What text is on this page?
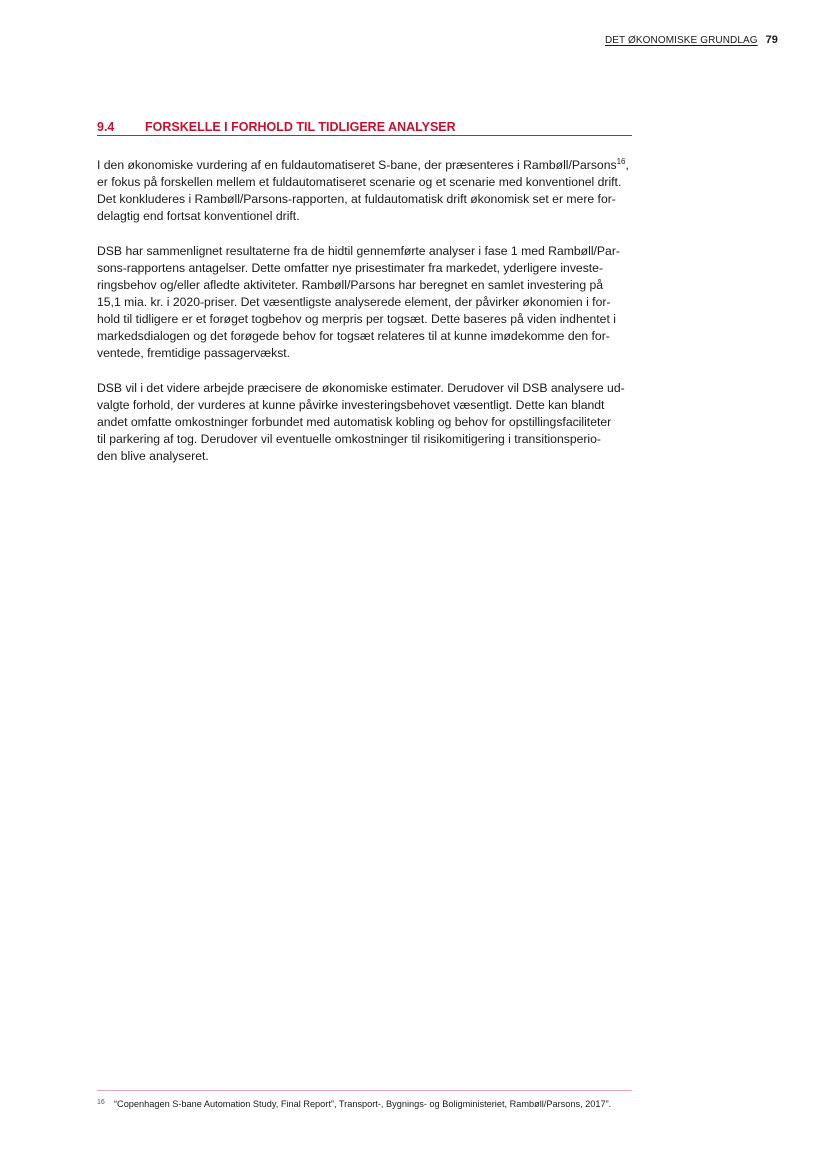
DET ØKONOMISKE GRUNDLAG 79
9.4 FORSKELLE I FORHOLD TIL TIDLIGERE ANALYSER

I den økonomiske vurdering af en fuldautomatiseret S-bane, der præsenteres i Rambøll/Parsons$^{16}$,
er fokus på forskellen mellem et fuldautomatiseret scenarie og et scenarie med konventionel drift.
Det konkluderes i Rambøll/Parsons-rapporten, at fuldautomatisk drift økonomisk set er mere for-
delagtig end fortsat konventionel drift.

DSB har sammenlignet resultaterne fra de hidtil gennemførte analyser i fase 1 med Rambøll/Par-
sons-rapportens antagelser. Dette omfatter nye prisestimater fra markedet, yderligere investe-
ringsbehov og/eller afledte aktiviteter. Rambøll/Parsons har beregnet en samlet investering på
15,1 mia. kr. i 2020-priser. Det væsentligste analyserede element, der påvirker økonomien i for-
hold til tidligere er et forøget togbehov og merpris per togsæt. Dette baseres på viden indhentet i
markedsdialogen og det forøgede behov for togsæt relateres til at kunne imødekomme den for-
ventede, fremtidige passagervækst.

DSB vil i det videre arbejde præcisere de økonomiske estimater. Derudover vil DSB analysere ud-
valgte forhold, der vurderes at kunne påvirke investeringsbehovet væsentligt. Dette kan blandt
andet omfatte omkostninger forbundet med automatisk kobling og behov for opstillingsfaciliteter
til parkering af tog. Derudover vil eventuelle omkostninger til risikomitigering i transitionsperio-
den blive analyseret.

16 “Copenhagen S-bane Automation Study, Final Report”, Transport-, Bygnings- og Boligministeriet, Rambøll/Parsons, 2017”.
